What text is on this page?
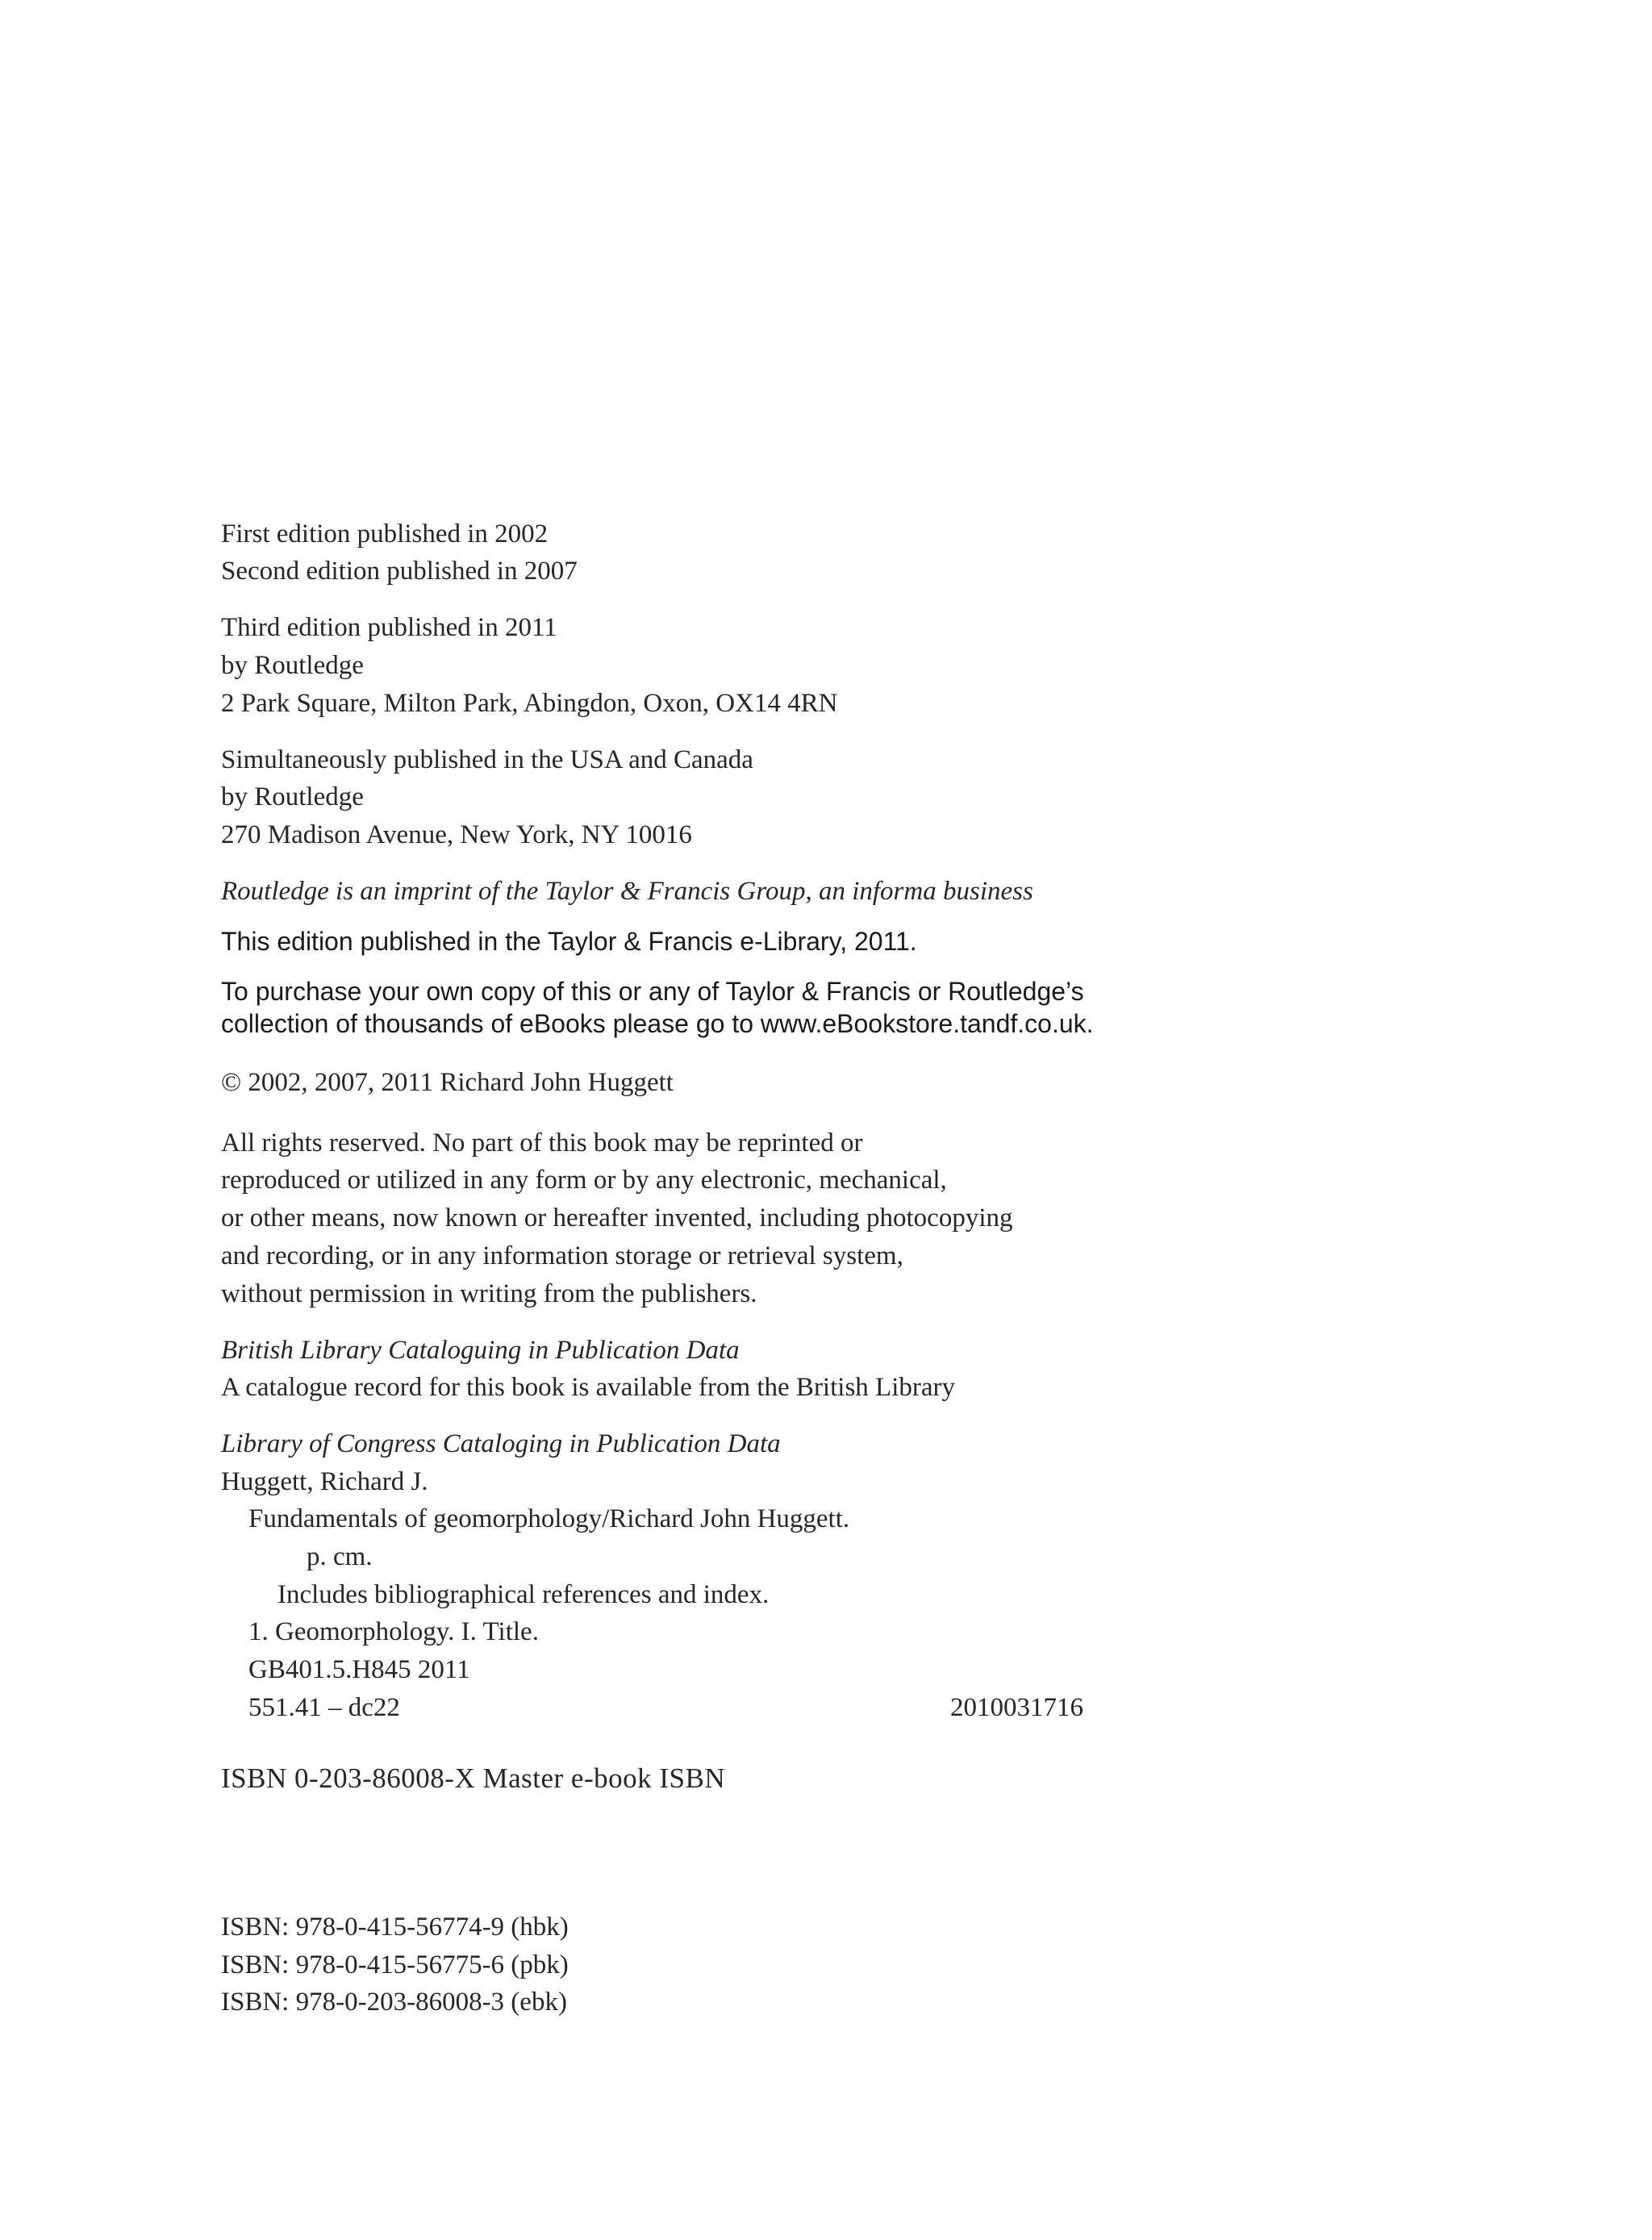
First edition published in 2002
Second edition published in 2007
Third edition published in 2011
by Routledge
2 Park Square, Milton Park, Abingdon, Oxon, OX14 4RN
Simultaneously published in the USA and Canada
by Routledge
270 Madison Avenue, New York, NY 10016
Routledge is an imprint of the Taylor & Francis Group, an informa business
This edition published in the Taylor & Francis e-Library, 2011.
To purchase your own copy of this or any of Taylor & Francis or Routledge’s
collection of thousands of eBooks please go to www.eBookstore.tandf.co.uk.
© 2002, 2007, 2011 Richard John Huggett
All rights reserved. No part of this book may be reprinted or
reproduced or utilized in any form or by any electronic, mechanical,
or other means, now known or hereafter invented, including photocopying
and recording, or in any information storage or retrieval system,
without permission in writing from the publishers.
British Library Cataloguing in Publication Data
A catalogue record for this book is available from the British Library
Library of Congress Cataloging in Publication Data
Huggett, Richard J.
Fundamentals of geomorphology/Richard John Huggett.
p. cm.
Includes bibliographical references and index.
1. Geomorphology. I. Title.
GB401.5.H845 2011
551.41 – dc22	2010031716
ISBN 0-203-86008-X Master e-book ISBN
ISBN: 978-0-415-56774-9 (hbk)
ISBN: 978-0-415-56775-6 (pbk)
ISBN: 978-0-203-86008-3 (ebk)
